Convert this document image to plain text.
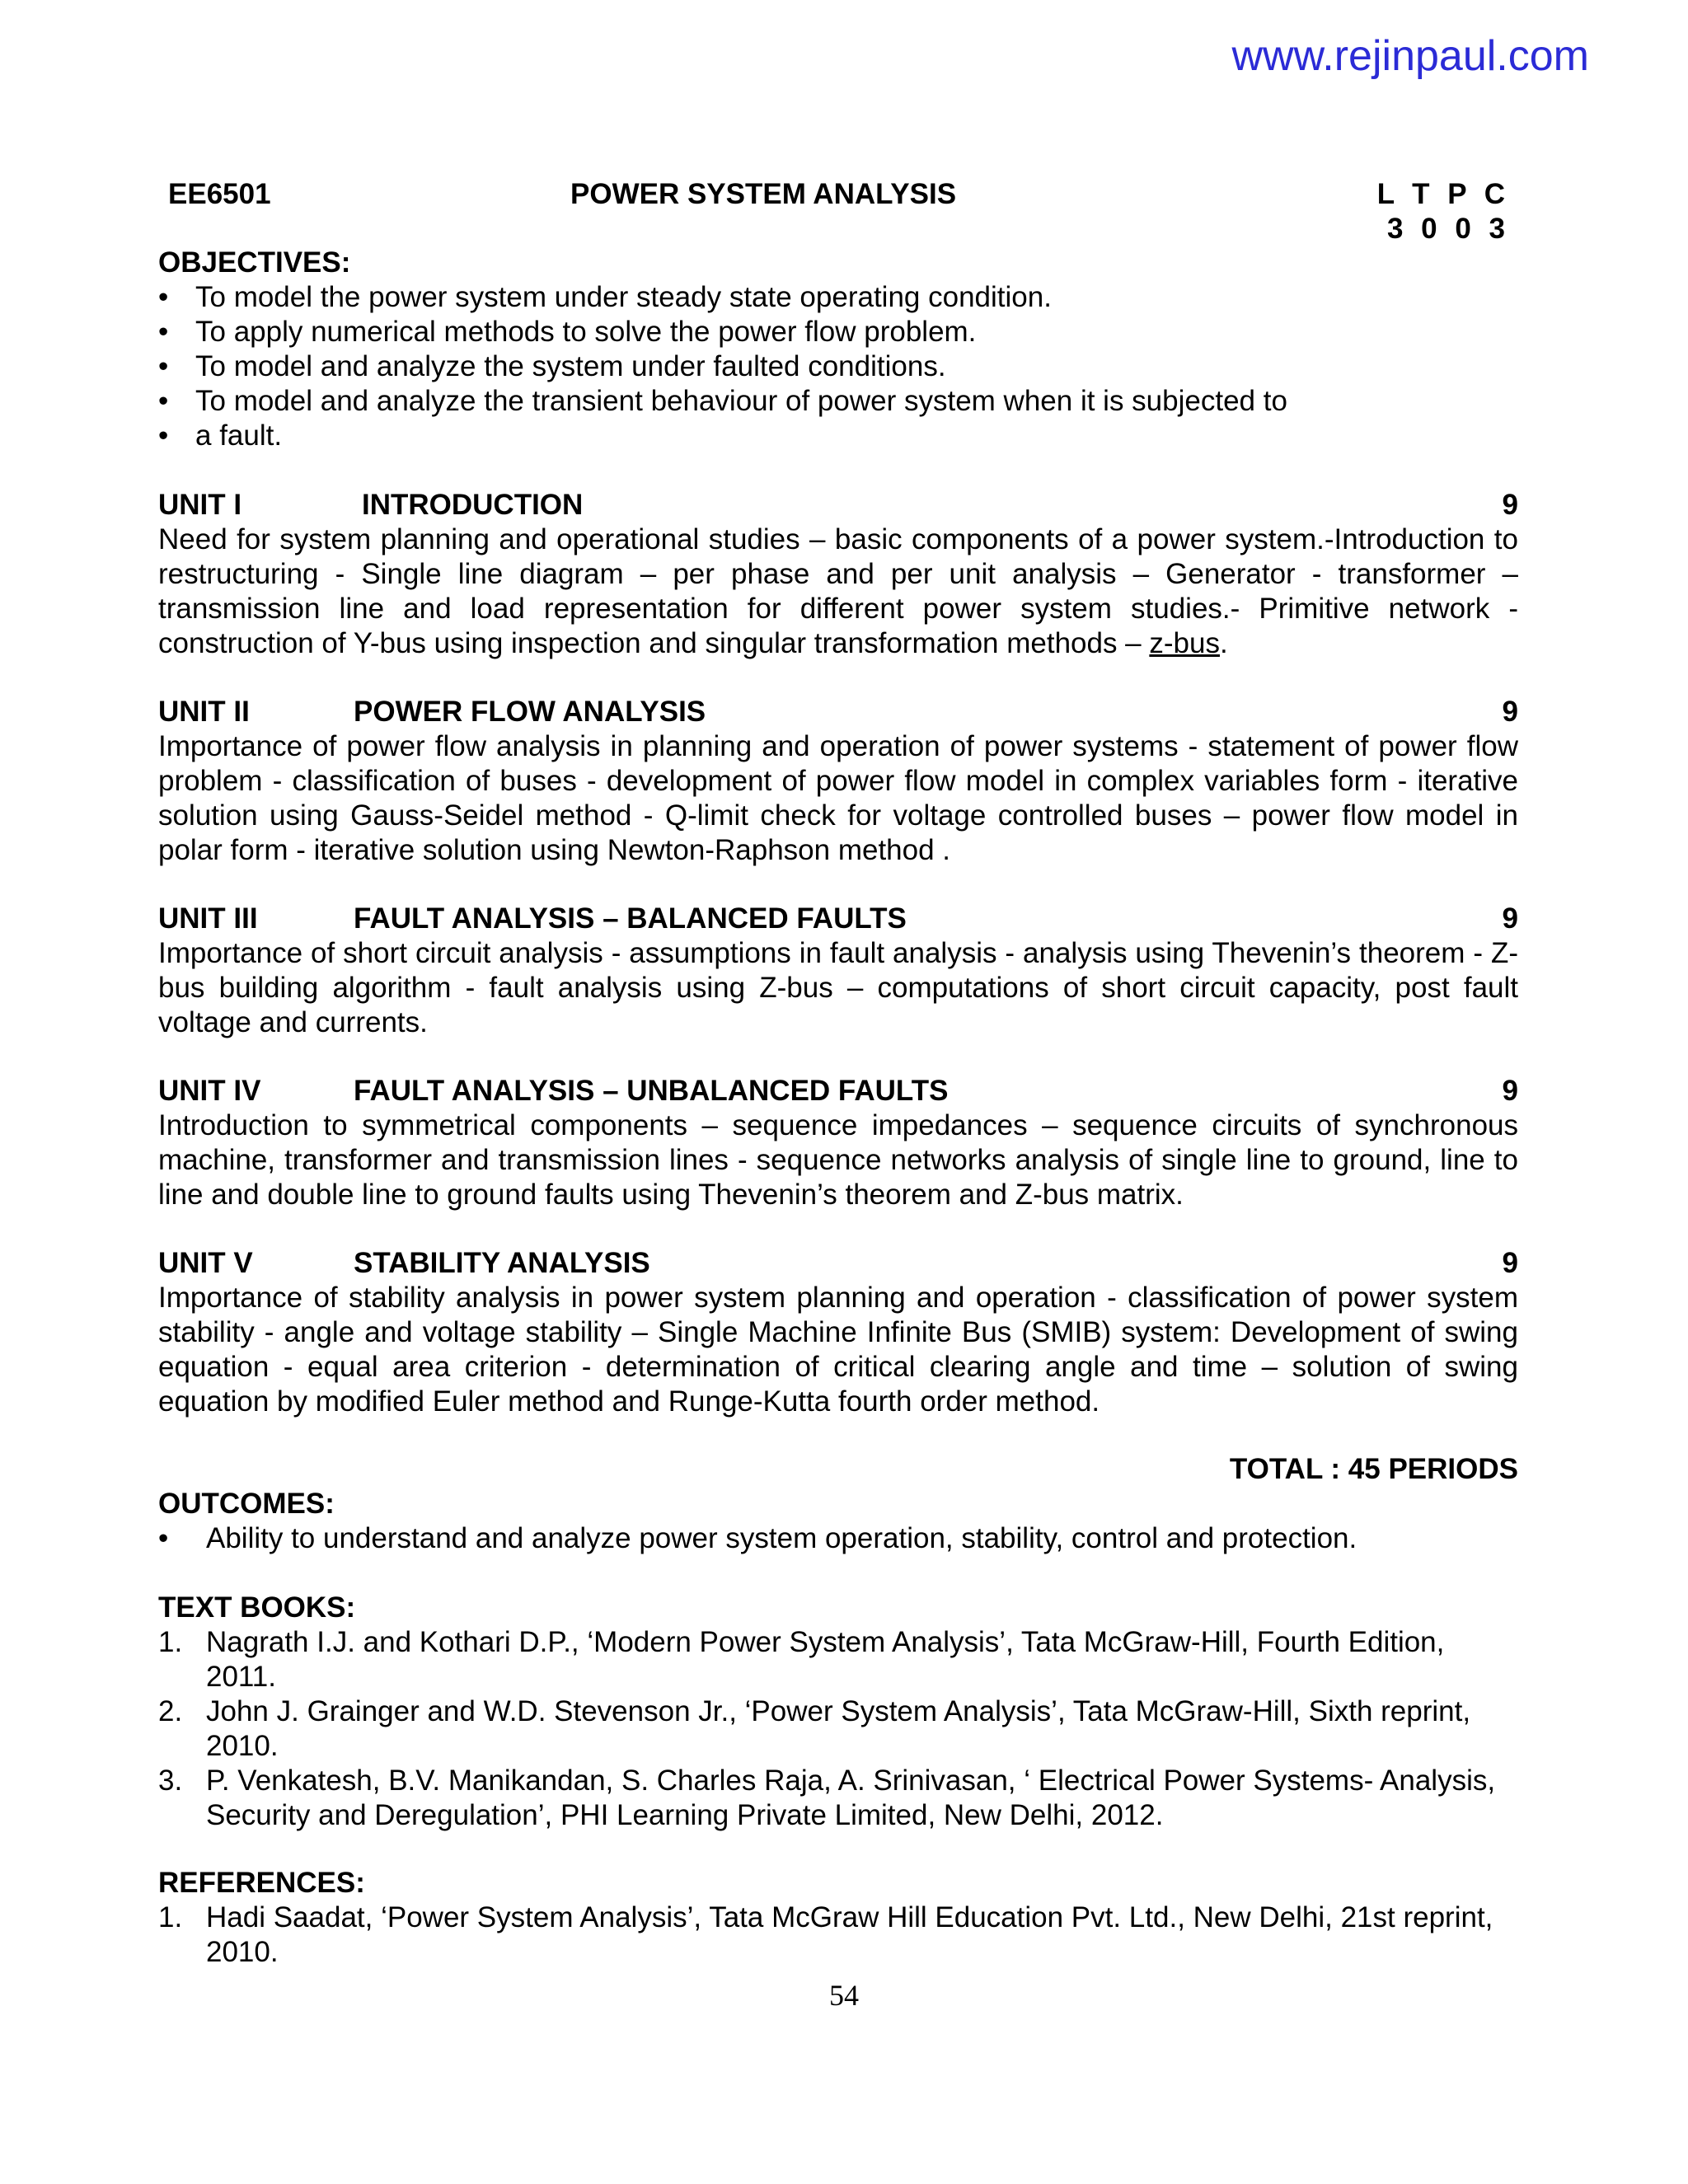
www.rejinpaul.com
EE6501	POWER SYSTEM ANALYSIS	L T P C
3 0 0 3
OBJECTIVES:
• To model the power system under steady state operating condition.
• To apply numerical methods to solve the power flow problem.
• To model and analyze the system under faulted conditions.
• To model and analyze the transient behaviour of power system when it is subjected to
• a fault.
UNIT I	INTRODUCTION	9
Need for system planning and operational studies – basic components of a power system.-Introduction to restructuring - Single line diagram – per phase and per unit analysis – Generator - transformer – transmission line and load representation for different power system studies.- Primitive network - construction of Y-bus using inspection and singular transformation methods – z-bus.
UNIT II	POWER FLOW ANALYSIS	9
Importance of power flow analysis in planning and operation of power systems - statement of power flow problem - classification of buses - development of power flow model in complex variables form - iterative solution using Gauss-Seidel method - Q-limit check for voltage controlled buses – power flow model in polar form - iterative solution using Newton-Raphson method .
UNIT III	FAULT ANALYSIS – BALANCED FAULTS	9
Importance of short circuit analysis - assumptions in fault analysis - analysis using Thevenin’s theorem - Z-bus building algorithm - fault analysis using Z-bus – computations of short circuit capacity, post fault voltage and currents.
UNIT IV	FAULT ANALYSIS – UNBALANCED FAULTS	9
Introduction to symmetrical components – sequence impedances – sequence circuits of synchronous machine, transformer and transmission lines - sequence networks analysis of single line to ground, line to line and double line to ground faults using Thevenin’s theorem and Z-bus matrix.
UNIT V	STABILITY ANALYSIS	9
Importance of stability analysis in power system planning and operation - classification of power system stability - angle and voltage stability – Single Machine Infinite Bus (SMIB) system: Development of swing equation - equal area criterion - determination of critical clearing angle and time – solution of swing equation by modified Euler method and Runge-Kutta fourth order method.
TOTAL : 45 PERIODS
OUTCOMES:
• Ability to understand and analyze power system operation, stability, control and protection.
TEXT BOOKS:
1. Nagrath I.J. and Kothari D.P., ‘Modern Power System Analysis’, Tata McGraw-Hill, Fourth Edition, 2011.
2. John J. Grainger and W.D. Stevenson Jr., ‘Power System Analysis’, Tata McGraw-Hill, Sixth reprint, 2010.
3. P. Venkatesh, B.V. Manikandan, S. Charles Raja, A. Srinivasan, ‘ Electrical Power Systems- Analysis, Security and Deregulation’, PHI Learning Private Limited, New Delhi, 2012.
REFERENCES:
1. Hadi Saadat, ‘Power System Analysis’, Tata McGraw Hill Education Pvt. Ltd., New Delhi, 21st reprint, 2010.
54
